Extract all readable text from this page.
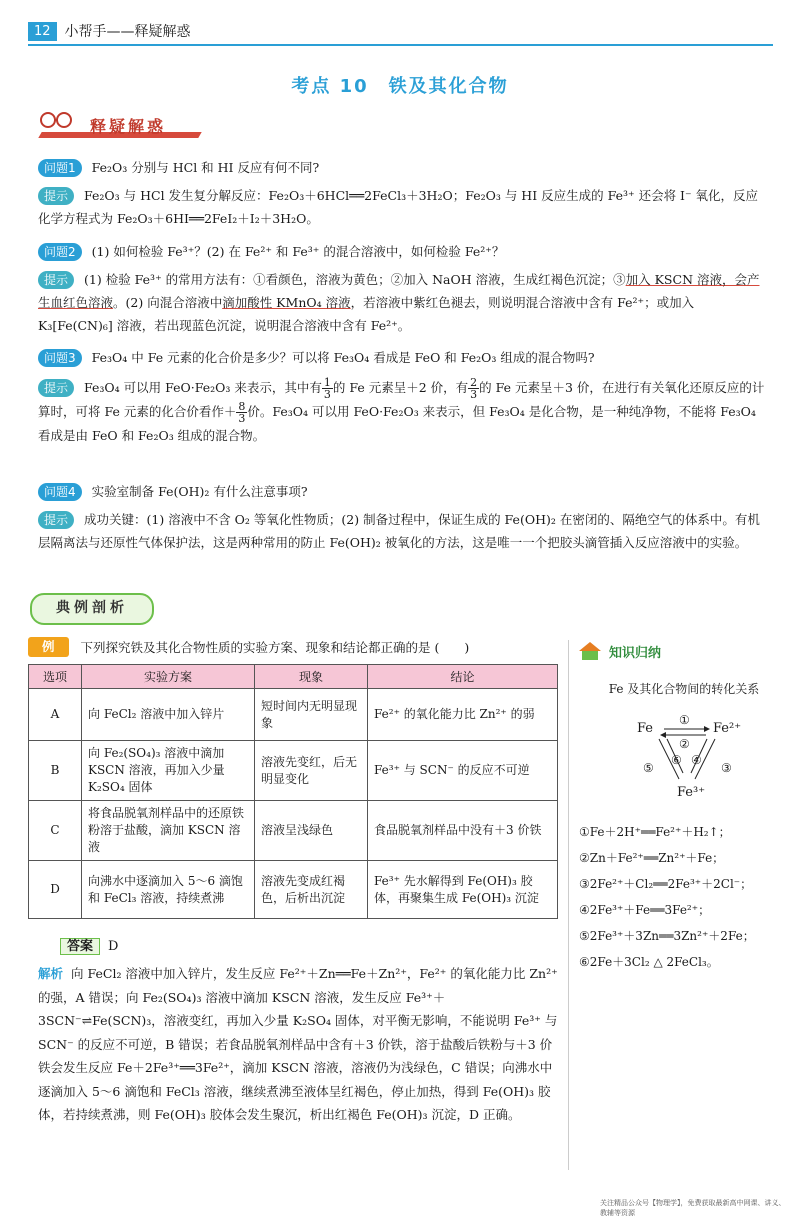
12	小帮手——释疑解惑
考点 10　铁及其化合物
释疑解惑
问题1 Fe₂O₃ 分别与 HCl 和 HI 反应有何不同?
提示 Fe₂O₃ 与 HCl 发生复分解反应：Fe₂O₃＋6HCl══2FeCl₃＋3H₂O；Fe₂O₃ 与 HI 反应生成的 Fe³⁺ 还会将 I⁻ 氧化，反应化学方程式为 Fe₂O₃＋6HI══2FeI₂＋I₂＋3H₂O。
问题2 (1) 如何检验 Fe³⁺？(2) 在 Fe²⁺ 和 Fe³⁺ 的混合溶液中，如何检验 Fe²⁺？
提示 (1) 检验 Fe³⁺ 的常用方法有：①看颜色，溶液为黄色；②加入 NaOH 溶液，生成红褐色沉淀；③加入 KSCN 溶液，会产生血红色溶液。(2) 向混合溶液中滴加酸性 KMnO₄ 溶液，若溶液中紫红色褪去，则说明混合溶液中含有 Fe²⁺；或加入 K₃[Fe(CN)₆] 溶液，若出现蓝色沉淀，说明混合溶液中含有 Fe²⁺。
问题3 Fe₃O₄ 中 Fe 元素的化合价是多少？可以将 Fe₃O₄ 看成是 FeO 和 Fe₂O₃ 组成的混合物吗?
提示 Fe₃O₄ 可以用 FeO·Fe₂O₃ 来表示，其中有 $\frac{1}{3}$ 的 Fe 元素呈＋2 价，有 $\frac{2}{3}$ 的 Fe 元素呈＋3 价，在进行有关氧化还原反应的计算时，可将 Fe 元素的化合价看作＋ $\frac{8}{3}$ 价。Fe₃O₄ 可以用 FeO·Fe₂O₃ 来表示，但 Fe₃O₄ 是化合物，是一种纯净物，不能将 Fe₃O₄ 看成是由 FeO 和 Fe₂O₃ 组成的混合物。
问题4 实验室制备 Fe(OH)₂ 有什么注意事项?
提示 成功关键：(1) 溶液中不含 O₂ 等氧化性物质；(2) 制备过程中，保证生成的 Fe(OH)₂ 在密闭的、隔绝空气的体系中。有机层隔离法与还原性气体保护法，这是两种常用的防止 Fe(OH)₂ 被氧化的方法，这是唯一一个把胶头滴管插入反应溶液中的实验。
典例剖析
例	下列探究铁及其化合物性质的实验方案、现象和结论都正确的是 (　　)
选项	实验方案	现象	结论
A	向 FeCl₂ 溶液中加入锌片	短时间内无明显现象	Fe²⁺ 的氧化能力比 Zn²⁺ 的弱
B	向 Fe₂(SO₄)₃ 溶液中滴加 KSCN 溶液，再加入少量 K₂SO₄ 固体	溶液先变红，后无明显变化	Fe³⁺ 与 SCN⁻ 的反应不可逆
C	将食品脱氧剂样品中的还原铁粉溶于盐酸，滴加 KSCN 溶液	溶液呈浅绿色	食品脱氧剂样品中没有＋3 价铁
D	向沸水中逐滴加入 5～6 滴饱和 FeCl₃ 溶液，持续煮沸	溶液先变成红褐色，后析出沉淀	Fe³⁺ 先水解得到 Fe(OH)₃ 胶体，再聚集生成 Fe(OH)₃ 沉淀
答案 D
解析 向 FeCl₂ 溶液中加入锌片，发生反应 Fe²⁺＋Zn══Fe＋Zn²⁺，Fe²⁺ 的氧化能力比 Zn²⁺ 的强，A 错误；向 Fe₂(SO₄)₃ 溶液中滴加 KSCN 溶液，发生反应 Fe³⁺＋3SCN⁻⇌Fe(SCN)₃，溶液变红，再加入少量 K₂SO₄ 固体，对平衡无影响，不能说明 Fe³⁺ 与 SCN⁻ 的反应不可逆，B 错误；若食品脱氧剂样品中含有＋3 价铁，溶于盐酸后铁粉与＋3 价铁会发生反应 Fe＋2Fe³⁺══3Fe²⁺，滴加 KSCN 溶液，溶液仍为浅绿色，C 错误；向沸水中逐滴加入 5～6 滴饱和 FeCl₃ 溶液，继续煮沸至液体呈红褐色，停止加热，得到 Fe(OH)₃ 胶体，若持续煮沸，则 Fe(OH)₃ 胶体会发生聚沉，析出红褐色 Fe(OH)₃ 沉淀，D 正确。
知识归纳
Fe 及其化合物间的转化关系
Fe	Fe²⁺
Fe³⁺
①
②
③
④
⑤
⑥
①Fe＋2H⁺══Fe²⁺＋H₂↑；
②Zn＋Fe²⁺══Zn²⁺＋Fe；
③2Fe²⁺＋Cl₂══2Fe³⁺＋2Cl⁻；
④2Fe³⁺＋Fe══3Fe²⁺；
⑤2Fe³⁺＋3Zn══3Zn²⁺＋2Fe；
⑥2Fe＋3Cl₂ △ 2FeCl₃。
关注精品公众号【物理学】，免费获取最新高中网课、讲义、教辅等资源
